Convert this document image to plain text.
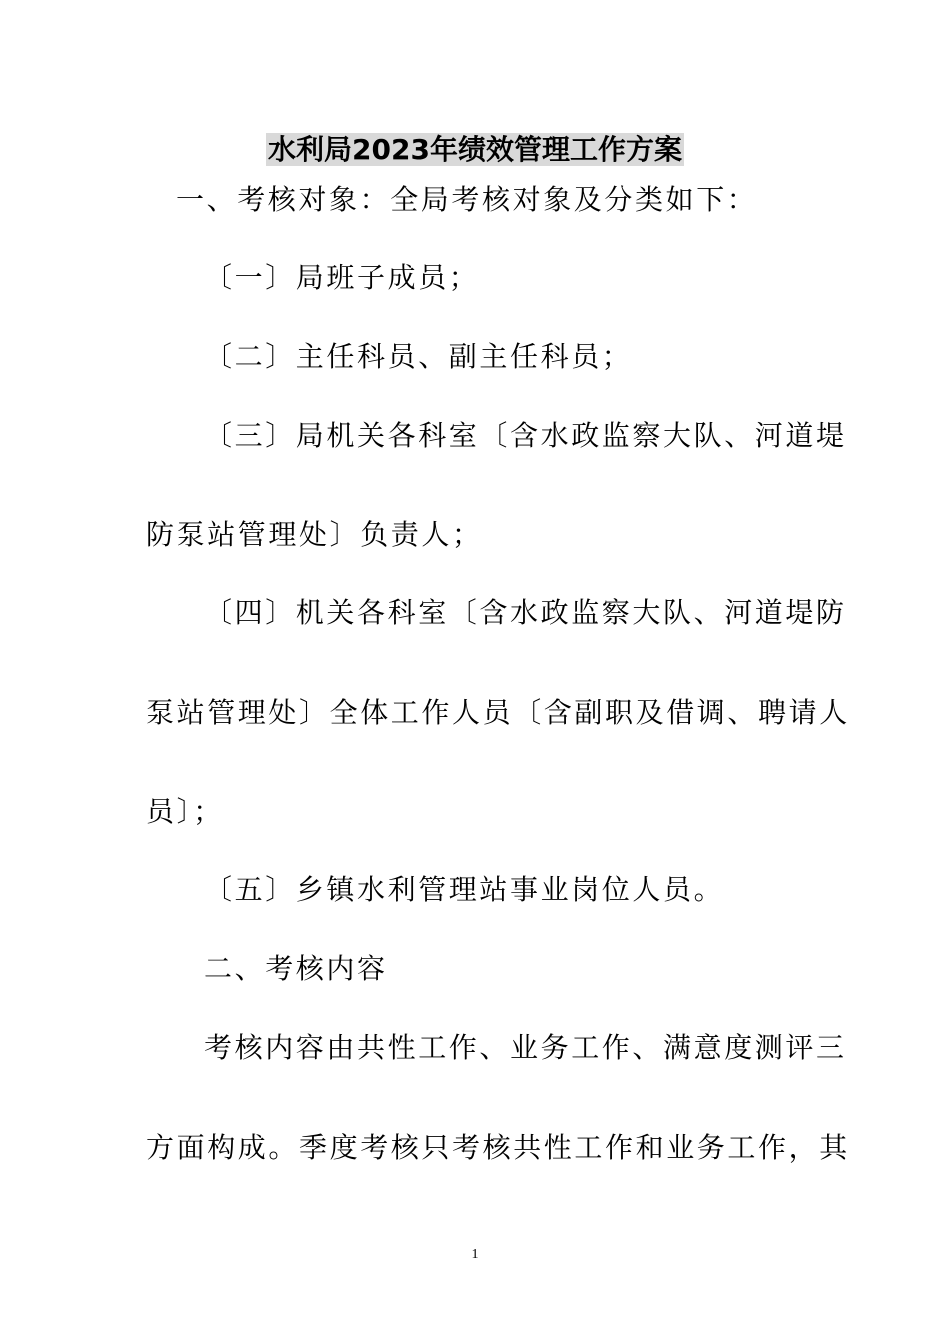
水利局2023年绩效管理工作方案
一、考核对象：全局考核对象及分类如下：
〔一〕局班子成员；
〔二〕主任科员、副主任科员；
〔三〕局机关各科室〔含水政监察大队、河道堤
防泵站管理处〕负责人；
〔四〕机关各科室〔含水政监察大队、河道堤防
泵站管理处〕全体工作人员〔含副职及借调、聘请人
员〕；
〔五〕乡镇水利管理站事业岗位人员。
二、考核内容
考核内容由共性工作、业务工作、满意度测评三
方面构成。季度考核只考核共性工作和业务工作，其
1
